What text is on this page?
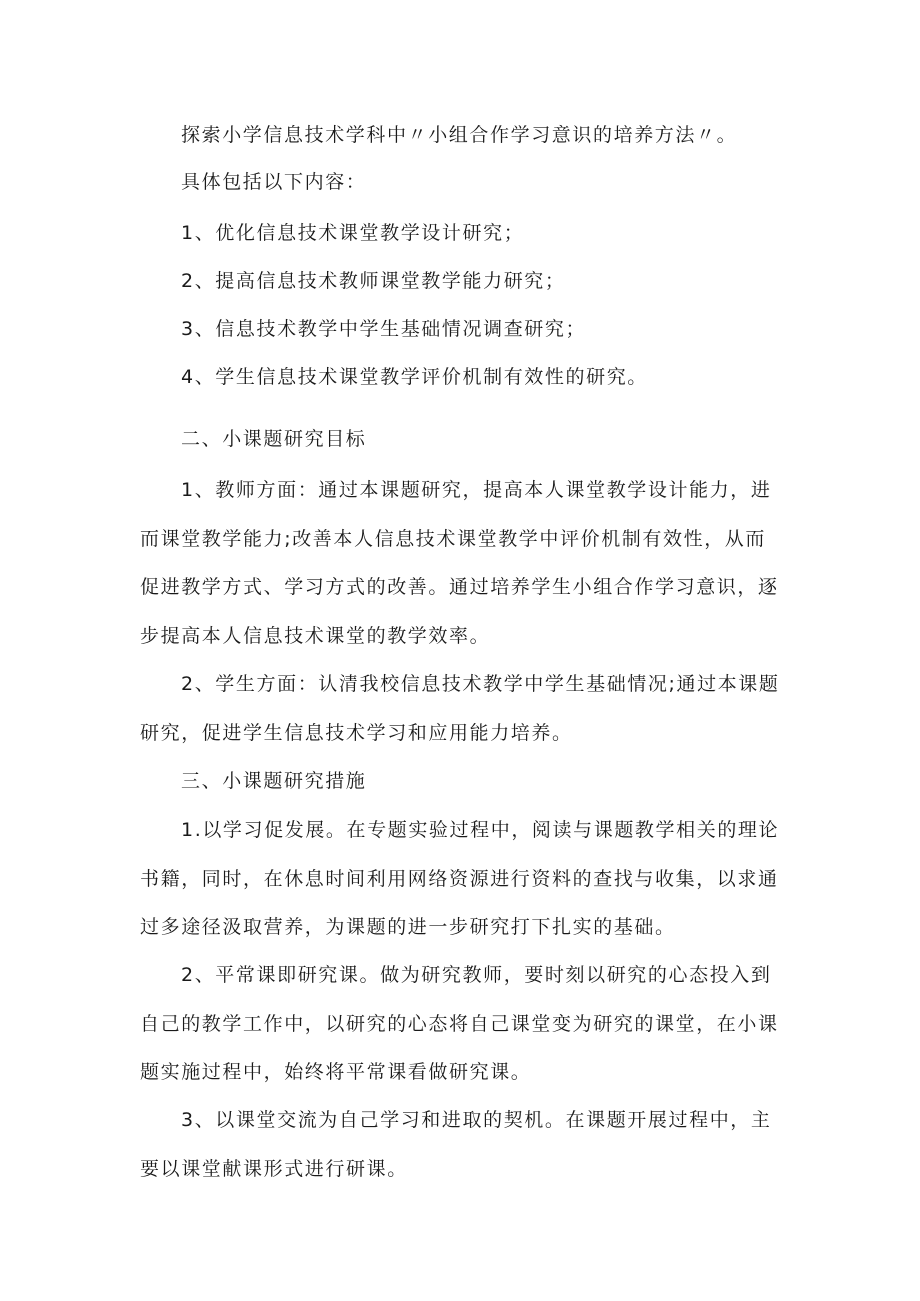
探索小学信息技术学科中〃小组合作学习意识的培养方法〃。

具体包括以下内容：

1、优化信息技术课堂教学设计研究；

2、提高信息技术教师课堂教学能力研究；

3、信息技术教学中学生基础情况调查研究；

4、学生信息技术课堂教学评价机制有效性的研究。

二、小课题研究目标

1、教师方面：通过本课题研究，提高本人课堂教学设计能力，进而课堂教学能力;改善本人信息技术课堂教学中评价机制有效性，从而促进教学方式、学习方式的改善。通过培养学生小组合作学习意识，逐步提高本人信息技术课堂的教学效率。

2、学生方面：认清我校信息技术教学中学生基础情况;通过本课题研究，促进学生信息技术学习和应用能力培养。

三、小课题研究措施

1.以学习促发展。在专题实验过程中，阅读与课题教学相关的理论书籍，同时，在休息时间利用网络资源进行资料的查找与收集，以求通过多途径汲取营养，为课题的进一步研究打下扎实的基础。

2、平常课即研究课。做为研究教师，要时刻以研究的心态投入到自己的教学工作中，以研究的心态将自己课堂变为研究的课堂，在小课题实施过程中，始终将平常课看做研究课。

3、以课堂交流为自己学习和进取的契机。在课题开展过程中，主要以课堂献课形式进行研课。
